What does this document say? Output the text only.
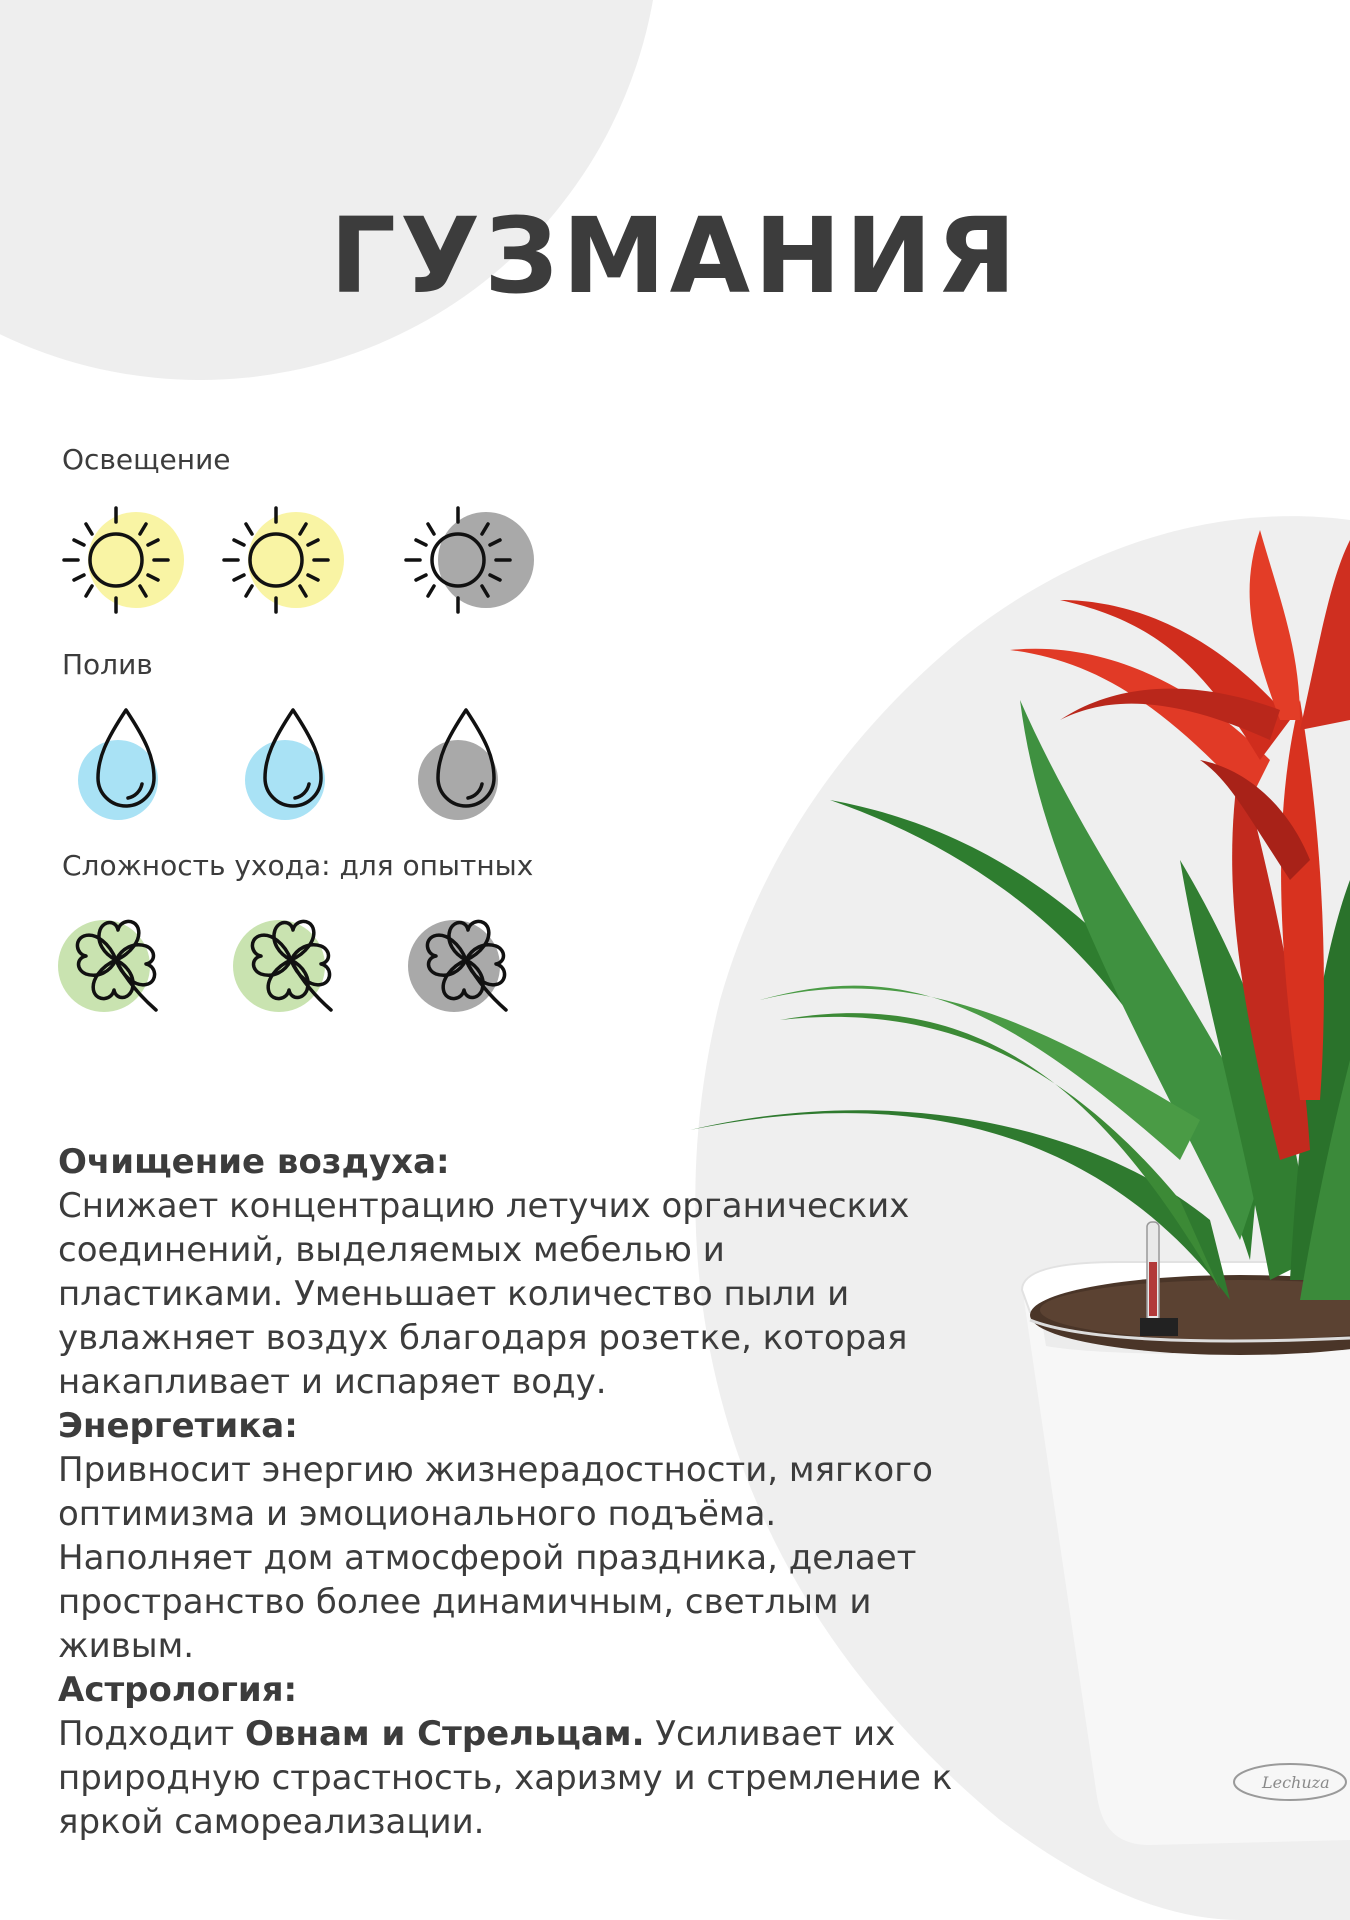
ГУЗМАНИЯ
Освещение
Полив
Сложность ухода: для опытных
Lechuza

Очищение воздуха:

Снижает концентрацию летучих органических соединений, выделяемых мебелью и пластиками. Уменьшает количество пыли и увлажняет воздух благодаря розетке, которая накапливает и испаряет воду.

Энергетика:

Привносит энергию жизнерадостности, мягкого оптимизма и эмоционального подъёма. Наполняет дом атмосферой праздника, делает пространство более динамичным, светлым и живым.

Астрология:

Подходит Овнам и Стрельцам. Усиливает их природную страстность, харизму и стремление к яркой самореализации.
